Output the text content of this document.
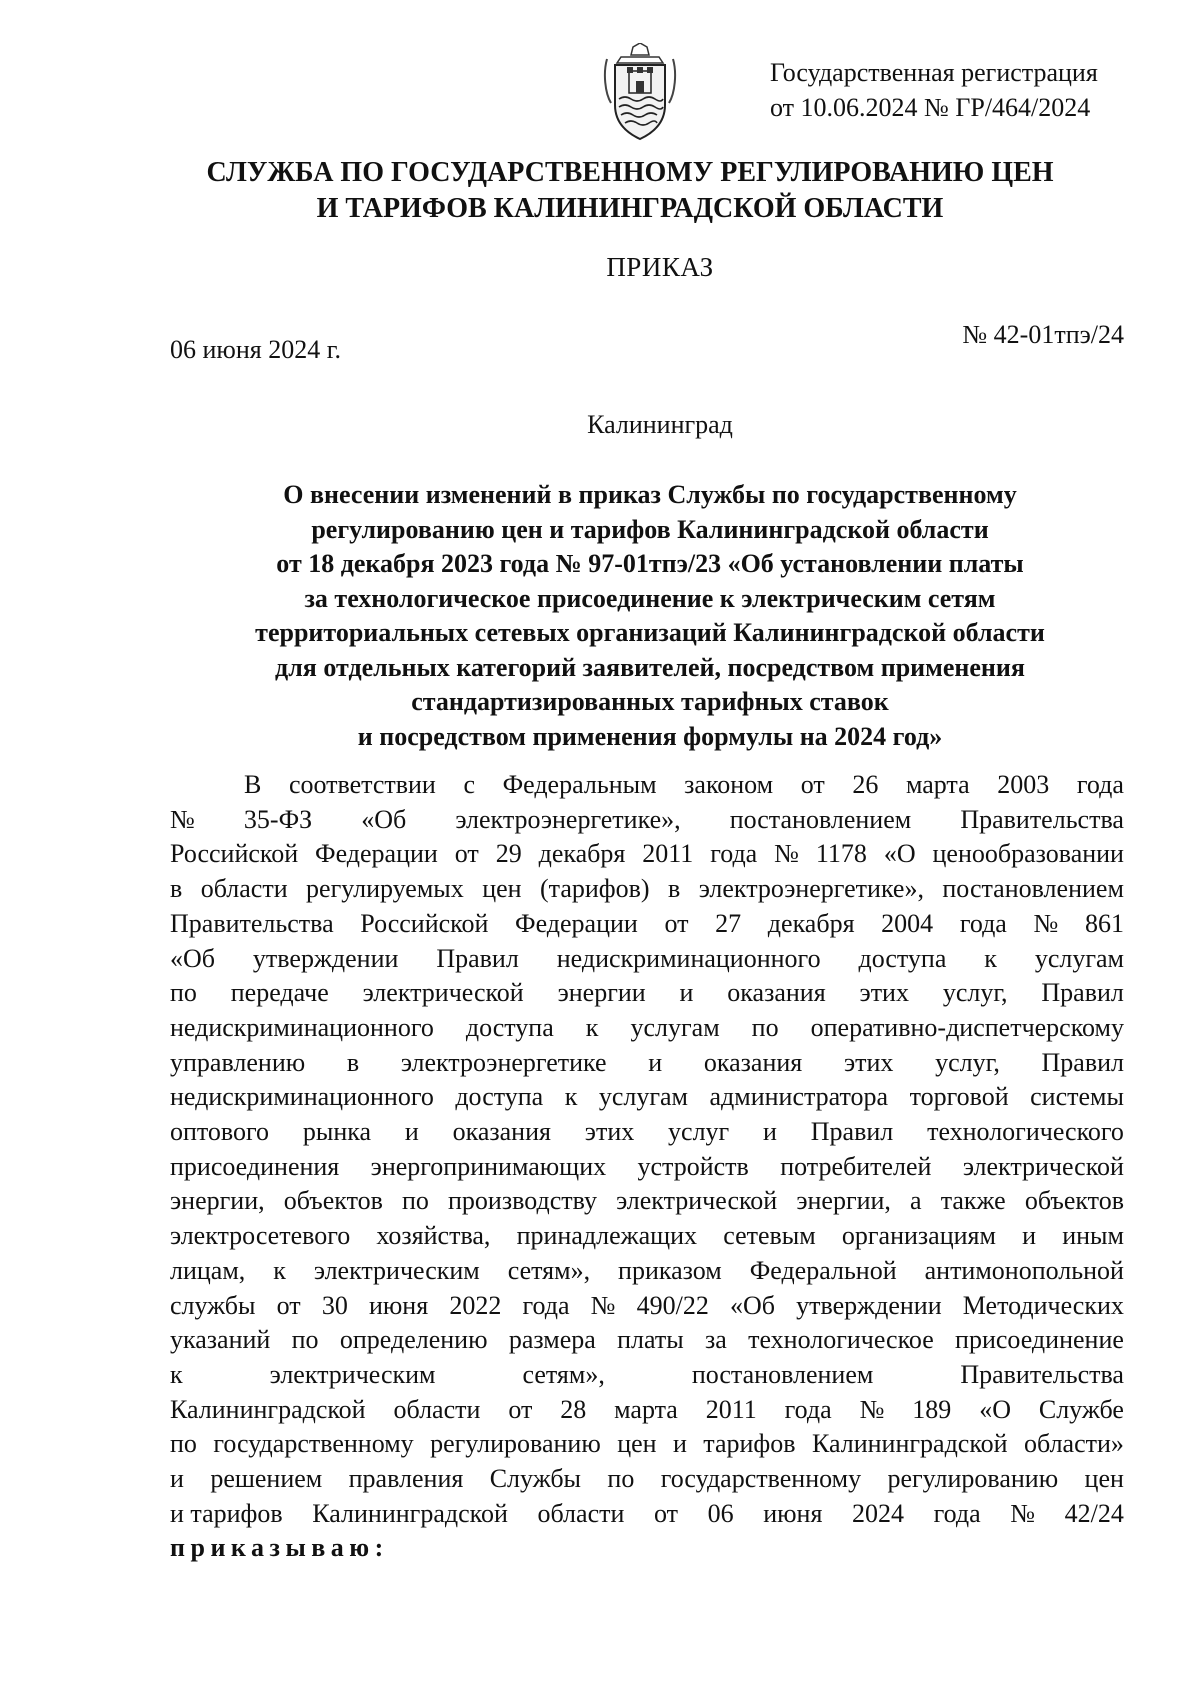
Государственная регистрация
от 10.06.2024 № ГР/464/2024
СЛУЖБА ПО ГОСУДАРСТВЕННОМУ РЕГУЛИРОВАНИЮ ЦЕН
И ТАРИФОВ КАЛИНИНГРАДСКОЙ ОБЛАСТИ
ПРИКАЗ
06 июня 2024 г.
№ 42-01тпэ/24
Калининград
О внесении изменений в приказ Службы по государственному
регулированию цен и тарифов Калининградской области
от 18 декабря 2023 года № 97-01тпэ/23 «Об установлении платы
за технологическое присоединение к электрическим сетям
территориальных сетевых организаций Калининградской области
для отдельных категорий заявителей, посредством применения
стандартизированных тарифных ставок
и посредством применения формулы на 2024 год»
В соответствии с Федеральным законом от 26 марта 2003 года
№ 35-ФЗ «Об электроэнергетике», постановлением Правительства
Российской Федерации от 29 декабря 2011 года № 1178 «О ценообразовании
в области регулируемых цен (тарифов) в электроэнергетике», постановлением
Правительства Российской Федерации от 27 декабря 2004 года № 861
«Об утверждении Правил недискриминационного доступа к услугам
по передаче электрической энергии и оказания этих услуг, Правил
недискриминационного доступа к услугам по оперативно-диспетчерскому
управлению в электроэнергетике и оказания этих услуг, Правил
недискриминационного доступа к услугам администратора торговой системы
оптового рынка и оказания этих услуг и Правил технологического
присоединения энергопринимающих устройств потребителей электрической
энергии, объектов по производству электрической энергии, а также объектов
электросетевого хозяйства, принадлежащих сетевым организациям и иным
лицам, к электрическим сетям», приказом Федеральной антимонопольной
службы от 30 июня 2022 года № 490/22 «Об утверждении Методических
указаний по определению размера платы за технологическое присоединение
к	электрическим	сетям»,	постановлением	Правительства
Калининградской области от 28 марта 2011 года № 189 «О Службе
по государственному регулированию цен и тарифов Калининградской области»
и решением правления Службы по государственному регулированию цен
и тарифов Калининградской области от 06 июня 2024 года № 42/24
приказываю:
